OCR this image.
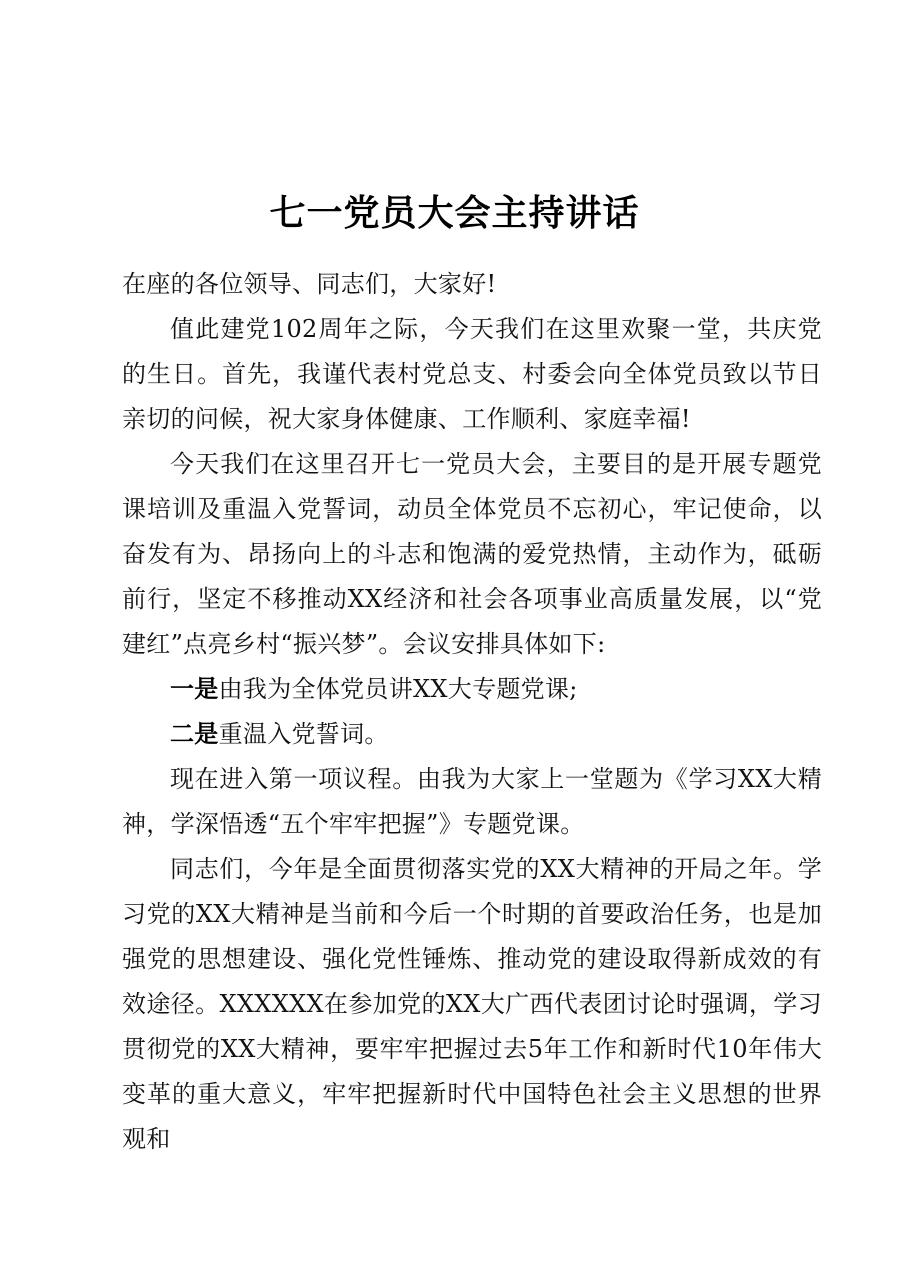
七一党员大会主持讲话

在座的各位领导、同志们，大家好!

值此建党102周年之际，今天我们在这里欢聚一堂，共庆党的生日。首先，我谨代表村党总支、村委会向全体党员致以节日亲切的问候，祝大家身体健康、工作顺利、家庭幸福!

今天我们在这里召开七一党员大会，主要目的是开展专题党课培训及重温入党誓词，动员全体党员不忘初心，牢记使命，以奋发有为、昂扬向上的斗志和饱满的爱党热情，主动作为，砥砺前行，坚定不移推动XX经济和社会各项事业高质量发展，以“党建红”点亮乡村“振兴梦”。会议安排具体如下:

一是由我为全体党员讲XX大专题党课;

二是重温入党誓词。

现在进入第一项议程。由我为大家上一堂题为《学习XX大精神，学深悟透“五个牢牢把握”》专题党课。

同志们，今年是全面贯彻落实党的XX大精神的开局之年。学习党的XX大精神是当前和今后一个时期的首要政治任务，也是加强党的思想建设、强化党性锤炼、推动党的建设取得新成效的有效途径。XXXXXX在参加党的XX大广西代表团讨论时强调，学习贯彻党的XX大精神，要牢牢把握过去5年工作和新时代10年伟大变革的重大意义，牢牢把握新时代中国特色社会主义思想的世界观和
